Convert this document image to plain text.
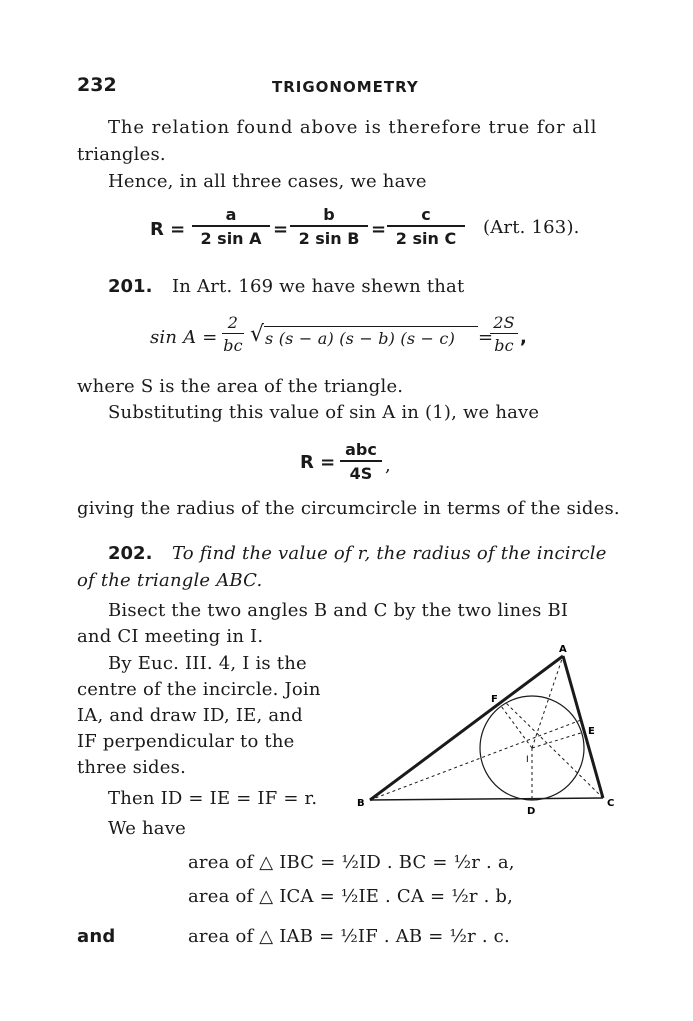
232	TRIGONOMETRY
The relation found above is therefore true for all
triangles.
Hence, in all three cases, we have
$R = \frac{a}{\text{2 sin A}} = \frac{b}{\text{2 sin B}} = \frac{c}{\text{2 sin C}} (Art$. 163).
201. In Art. 169 we have shewn that
$\sin A = \frac{2}{bc}$ √ s (s − a) (s − b) (s − c) =
$\frac{2S}{bc}$ ,
where S is the area of the triangle.
Substituting this value of sin A in (1), we have
R =
abc
4S ,
giving the radius of the circumcircle in terms of the sides.
202. To find the value of r, the radius of the incircle
of the triangle ABC.
Bisect the two angles B and C by the two lines BI
and CI meeting in I.
By Euc. III. 4, I is the
centre of the incircle. Join
IA, and draw ID, IE, and
IF perpendicular to the
three sides.
Then ID = IE = IF = r.
We have
area of △ IBC = ½ID . BC = ½r . a,
area of △ ICA = ½IE . CA = ½r . b,
and	area of △ IAB = ½IF . AB = ½r . c.
A
B	C
D
E
F
I
